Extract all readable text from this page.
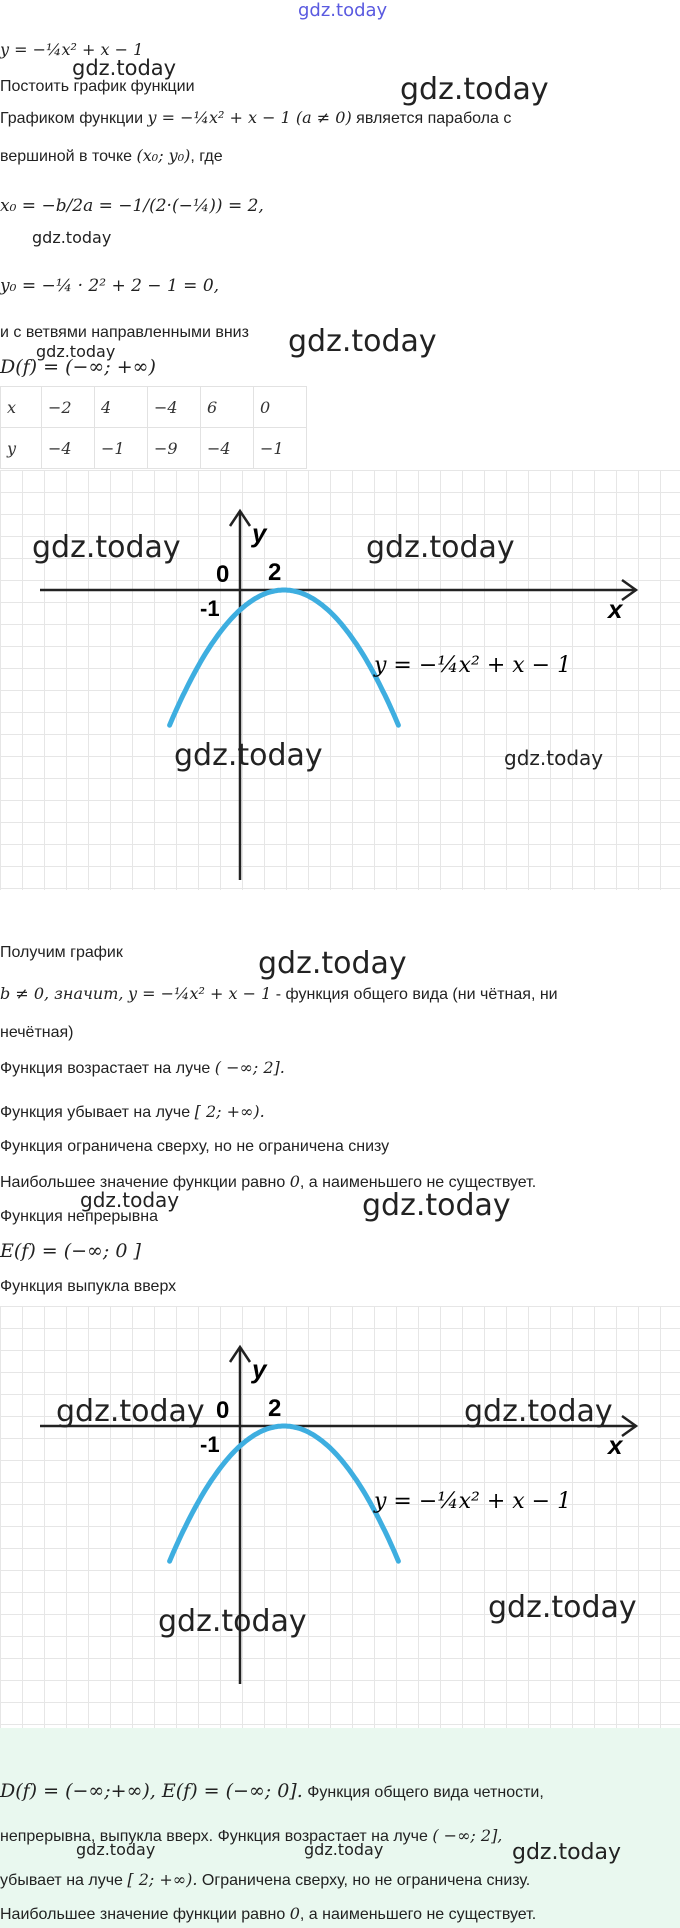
gdz.today
gdz.today
gdz.today
gdz.today
gdz.today
gdz.today
y = −¼x² + x − 1
Постоить график функции
Графиком функции y = −¼x² + x − 1 (a ≠ 0) является парабола с
вершиной в точке (x₀; y₀), где
x₀ = −b/2a = −1/(2·(−¼)) = 2,
y₀ = −¼ · 2² + 2 − 1 = 0,
и с ветвями направленными вниз
D(f) = (−∞; +∞)
x	−2	4	−4	6	0
y	−4	−1	−9	−4	−1
y
x
0 2
-1
y = −¼x² + x − 1
gdz.today	gdz.today
gdz.today	gdz.today
Получим график	gdz.today
b ≠ 0, значит, y = −¼x² + x − 1 - функция общего вида (ни чётная, ни
нечётная)
Функция возрастает на луче ( −∞; 2].
Функция убывает на луче [ 2; +∞).
Функция ограничена сверху, но не ограничена снизу
Наибольшее значение функции равно 0, а наименьшего не существует.
gdz.today
Функция непрерывна	gdz.today
E(f) = (−∞; 0 ]
Функция выпукла вверх
y
x
0 2
-1
y = −¼x² + x − 1
gdz.today	gdz.today
gdz.today	gdz.today
D(f) = (−∞;+∞), E(f) = (−∞; 0]. Функция общего вида четности,
непрерывна, выпукла вверх. Функция возрастает на луче ( −∞; 2],
убывает на луче [ 2; +∞). Ограничена сверху, но не ограничена снизу.
Наибольшее значение функции равно 0, а наименьшего не существует.
gdz.today	gdz.today	gdz.today
